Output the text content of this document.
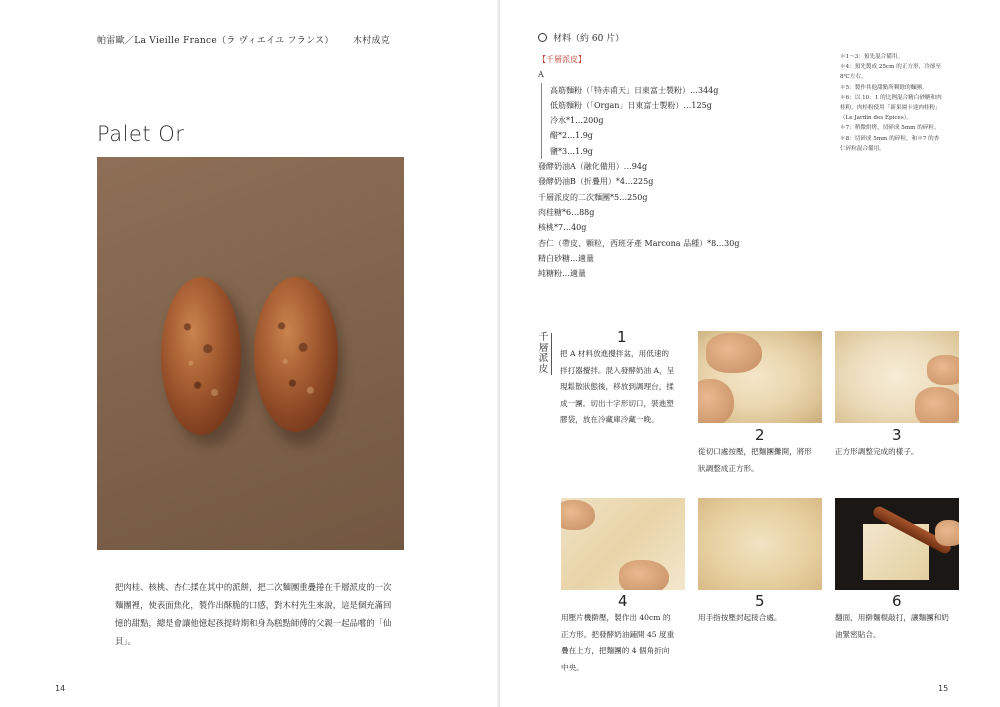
帕雷歐／La Vieille France（ラ ヴィエイユ フランス） 木村成克
Palet Or
把肉桂、核桃、杏仁揉在其中的派餅，把二次麵團重疊捲在千層派皮的一次
麵團裡，使表面焦化，製作出酥脆的口感，對木村先生來說，這是個充滿回
憶的甜點，總是會讓他憶起孩提時期和身為糕點師傅的父親一起品嚐的「仙
貝」。
14
材料（約 60 片）
【千層派皮】
A
高筋麵粉（「特赤甫天」日東富士製粉）…344g
低筋麵粉（「Organ」日東富士製粉）…125g
冷水*1…200g
醋*2…1.9g
鹽*3…1.9g
發酵奶油A（融化備用）…94g
發酵奶油B（折疊用）*4…225g
千層派皮的二次麵團*5…250g
肉桂糖*6…88g
核桃*7…40g
杏仁（帶皮、顆粒，西班牙產 Marcona 品種）*8…30g
精白砂糖…適量
純糖粉…適量
＊1～3：預先混合備用。
＊4：預先製成 25cm 的正方形，冷卻至
8℃左右。
＊5：製作其他甜點所剩餘的麵團。
＊6：以 10：1 的比例混合精白砂糖和肉
桂粉。肉桂粉使用「新果園卡達肉桂粉」
（Le Jardin des Epices）。
＊7：稍微烘烤，切碎成 5mm 的碎粒。
＊8：切碎成 5mm 的碎粒，和＊7 的杏
仁碎粒混合備用。
千層派皮
1
把 A 材料放進攪拌盆，用低速的
拌打器攪拌。混入發酵奶油 A，呈
現鬆散狀態後，移放到調理台，揉
成一團。切出十字形切口，裝進塑
膠袋，放在冷藏庫冷藏一晚。
2
從切口處按壓，把麵團攤開，將形
狀調整成正方形。
3
正方形調整完成的樣子。
4
用壓片機擀壓，製作出 40cm 的
正方形。把發酵奶油鋪開 45 度重
疊在上方，把麵團的 4 個角折向
中央。
5
用手指按壓封起接合處。
6
翻面，用擀麵棍敲打，讓麵團和奶
油緊密貼合。
15
